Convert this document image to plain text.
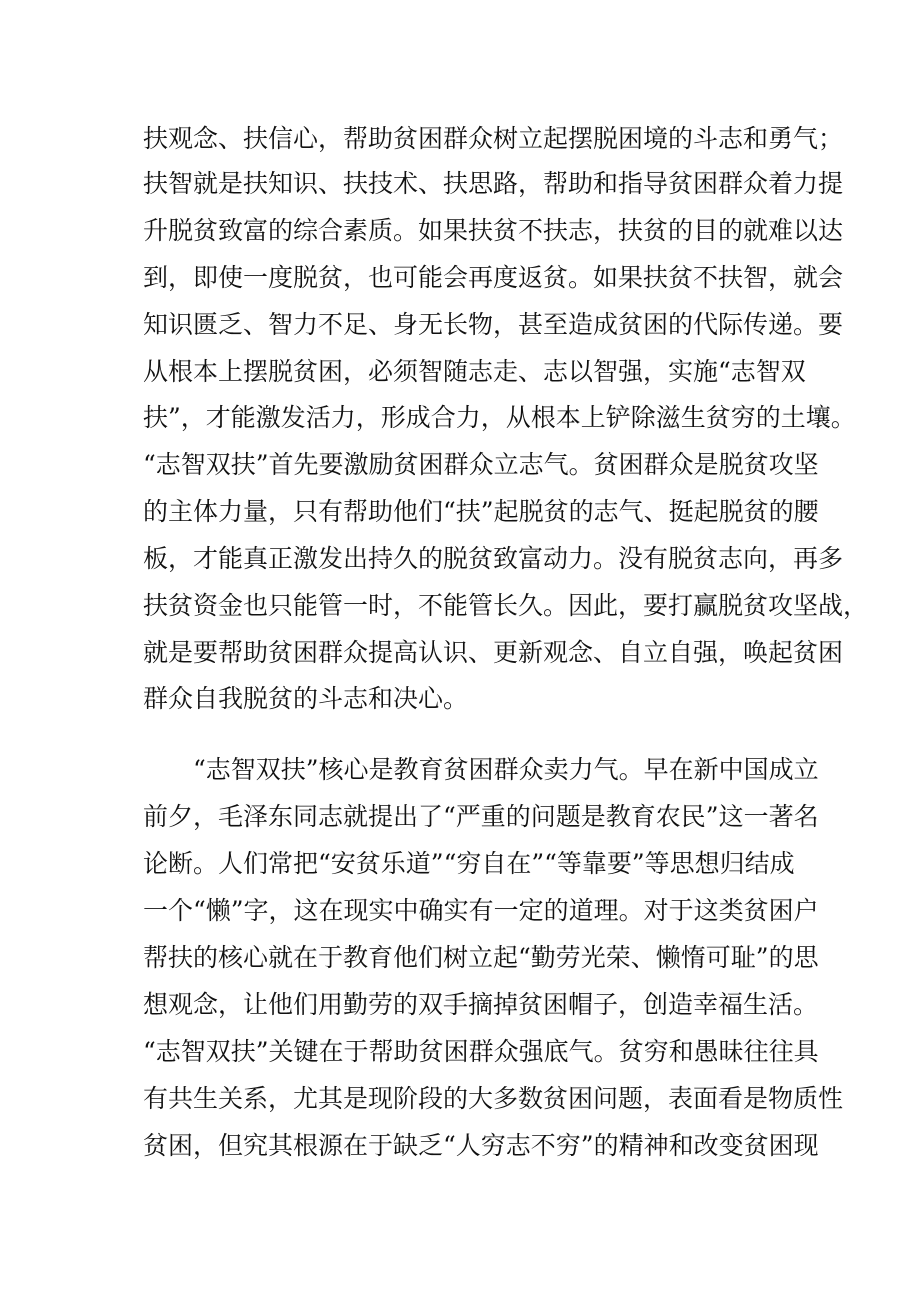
扶观念、扶信心，帮助贫困群众树立起摆脱困境的斗志和勇气；
扶智就是扶知识、扶技术、扶思路，帮助和指导贫困群众着力提
升脱贫致富的综合素质。如果扶贫不扶志，扶贫的目的就难以达
到，即使一度脱贫，也可能会再度返贫。如果扶贫不扶智，就会
知识匮乏、智力不足、身无长物，甚至造成贫困的代际传递。要
从根本上摆脱贫困，必须智随志走、志以智强，实施“志智双
扶”，才能激发活力，形成合力，从根本上铲除滋生贫穷的土壤。
“志智双扶”首先要激励贫困群众立志气。贫困群众是脱贫攻坚
的主体力量，只有帮助他们“扶”起脱贫的志气、挺起脱贫的腰
板，才能真正激发出持久的脱贫致富动力。没有脱贫志向，再多
扶贫资金也只能管一时，不能管长久。因此，要打赢脱贫攻坚战，
就是要帮助贫困群众提高认识、更新观念、自立自强，唤起贫困
群众自我脱贫的斗志和决心。
“志智双扶”核心是教育贫困群众卖力气。早在新中国成立
前夕，毛泽东同志就提出了“严重的问题是教育农民”这一著名
论断。人们常把“安贫乐道”“穷自在”“等靠要”等思想归结成
一个“懒”字，这在现实中确实有一定的道理。对于这类贫困户
帮扶的核心就在于教育他们树立起“勤劳光荣、懒惰可耻”的思
想观念，让他们用勤劳的双手摘掉贫困帽子，创造幸福生活。
“志智双扶”关键在于帮助贫困群众强底气。贫穷和愚昧往往具
有共生关系，尤其是现阶段的大多数贫困问题，表面看是物质性
贫困，但究其根源在于缺乏“人穷志不穷”的精神和改变贫困现
